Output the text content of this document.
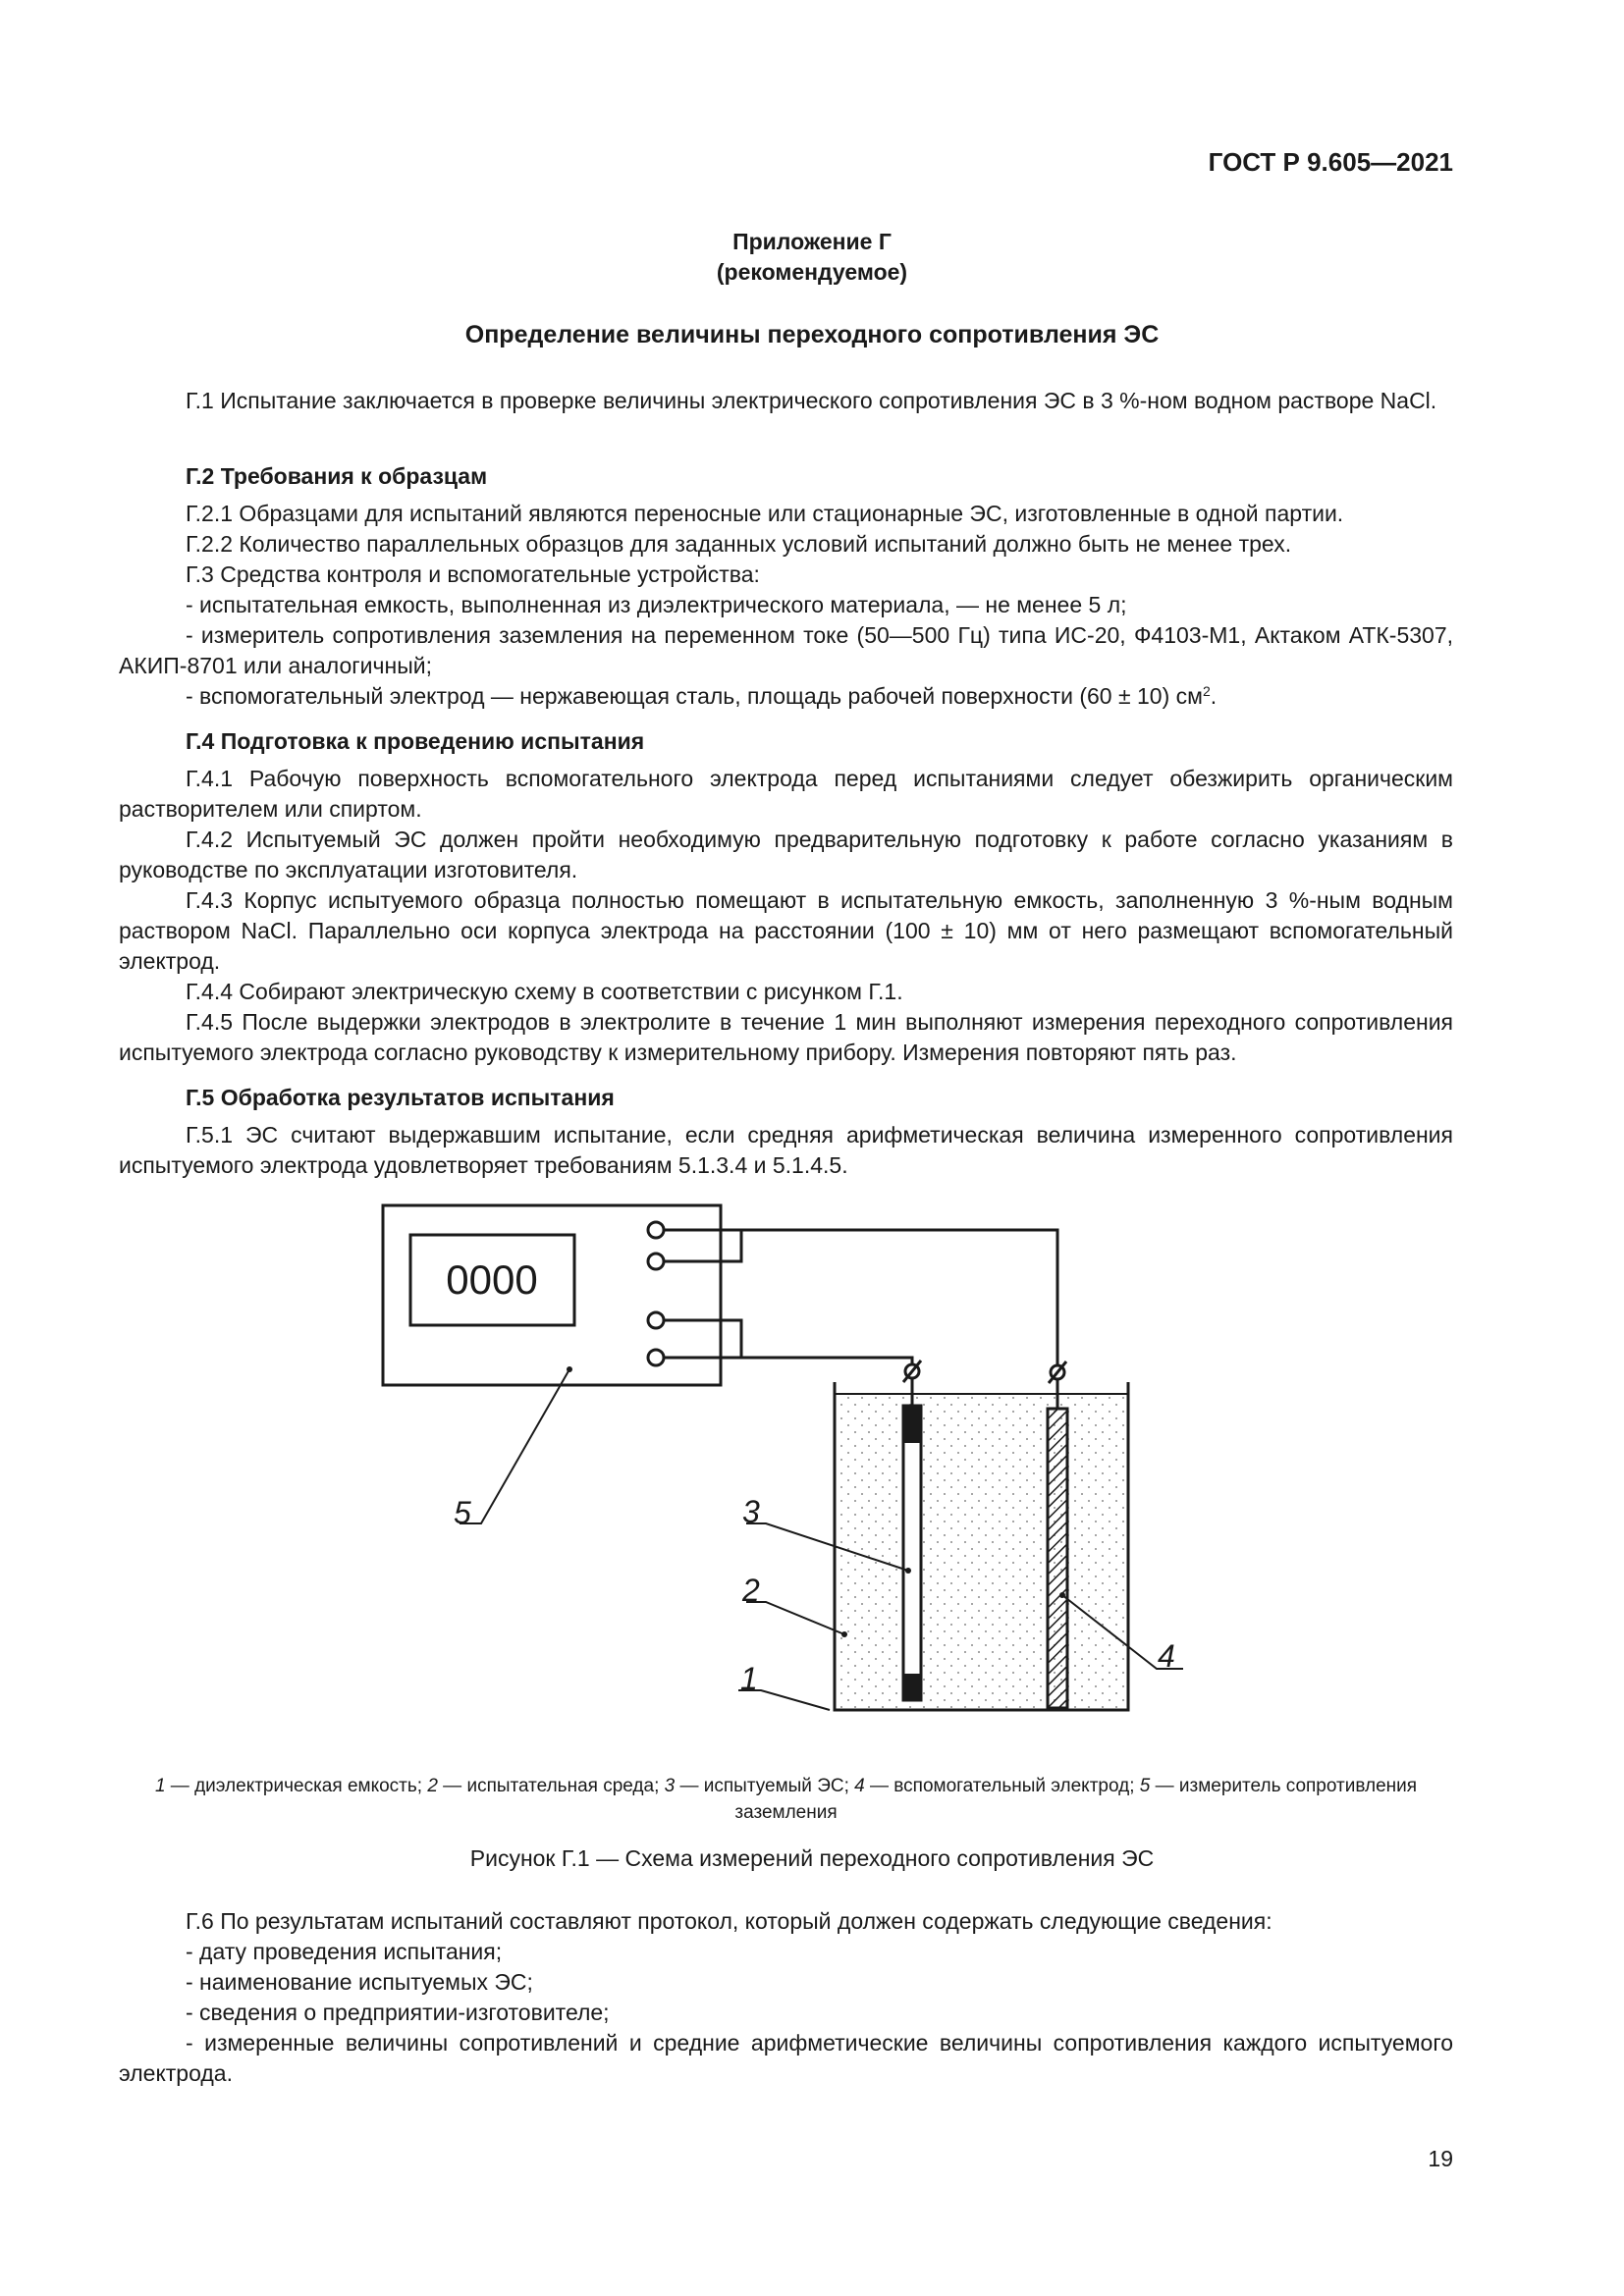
ГОСТ Р 9.605—2021
Приложение Г
(рекомендуемое)
Определение величины переходного сопротивления ЭС
Г.1 Испытание заключается в проверке величины электрического сопротивления ЭС в 3 %-ном водном растворе NaCl.
Г.2 Требования к образцам
Г.2.1 Образцами для испытаний являются переносные или стационарные ЭС, изготовленные в одной партии.
Г.2.2 Количество параллельных образцов для заданных условий испытаний должно быть не менее трех.
Г.3 Средства контроля и вспомогательные устройства:
- испытательная емкость, выполненная из диэлектрического материала, — не менее 5 л;
- измеритель сопротивления заземления на переменном токе (50—500 Гц) типа ИС-20, Ф4103-М1, Актаком АТК-5307, АКИП-8701 или аналогичный;
- вспомогательный электрод — нержавеющая сталь, площадь рабочей поверхности (60 ± 10) $см^2$.
Г.4 Подготовка к проведению испытания
Г.4.1 Рабочую поверхность вспомогательного электрода перед испытаниями следует обезжирить органическим растворителем или спиртом.
Г.4.2 Испытуемый ЭС должен пройти необходимую предварительную подготовку к работе согласно указаниям в руководстве по эксплуатации изготовителя.
Г.4.3 Корпус испытуемого образца полностью помещают в испытательную емкость, заполненную 3 %-ным водным раствором NaCl. Параллельно оси корпуса электрода на расстоянии (100 ± 10) мм от него размещают вспомогательный электрод.
Г.4.4 Собирают электрическую схему в соответствии с рисунком Г.1.
Г.4.5 После выдержки электродов в электролите в течение 1 мин выполняют измерения переходного сопротивления испытуемого электрода согласно руководству к измерительному прибору. Измерения повторяют пять раз.
Г.5 Обработка результатов испытания
Г.5.1 ЭС считают выдержавшим испытание, если средняя арифметическая величина измеренного сопротивления испытуемого электрода удовлетворяет требованиям 5.1.3.4 и 5.1.4.5.
0000
5	3
2
1
4
1 — диэлектрическая емкость; 2 — испытательная среда; 3 — испытуемый ЭС; 4 — вспомогательный электрод; 5 — измеритель сопротивления заземления
Рисунок Г.1 — Схема измерений переходного сопротивления ЭС
Г.6 По результатам испытаний составляют протокол, который должен содержать следующие сведения:
- дату проведения испытания;
- наименование испытуемых ЭС;
- сведения о предприятии-изготовителе;
- измеренные величины сопротивлений и средние арифметические величины сопротивления каждого испытуемого электрода.
19
